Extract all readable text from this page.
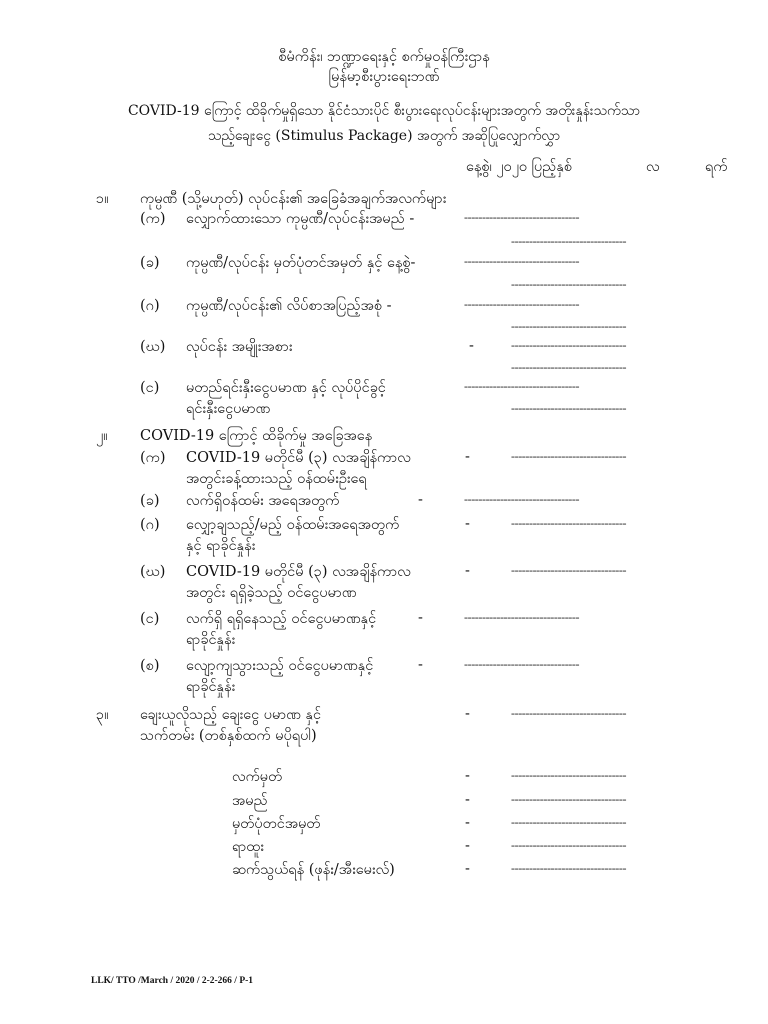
စီမံကိန်း၊ ဘဏ္ဍာရေးနှင့် စက်မှုဝန်ကြီးဌာန
မြန်မာ့စီးပွားရေးဘဏ်
COVID-19 ကြောင့် ထိခိုက်မှုရှိသော နိုင်ငံသားပိုင် စီးပွားရေးလုပ်ငန်းများအတွက် အတိုးနှုန်းသက်သာ
သည့်ချေးငွေ (Stimulus Package) အတွက် အဆိုပြုလျှောက်လွှာ
နေ့စွဲ၊ ၂၀၂၀ ပြည့်နှစ်	လ	ရက်
၁။ ကုမ္ပဏီ (သို့မဟုတ်) လုပ်ငန်း၏ အခြေခံအချက်အလက်များ
(က) လျှောက်ထားသော ကုမ္ပဏီ/လုပ်ငန်းအမည် -	--------------------------------
--------------------------------
(ခ) ကုမ္ပဏီ/လုပ်ငန်း မှတ်ပုံတင်အမှတ် နှင့် နေ့စွဲ-	--------------------------------
--------------------------------
(ဂ) ကုမ္ပဏီ/လုပ်ငန်း၏ လိပ်စာအပြည့်အစုံ -	--------------------------------
--------------------------------
(ဃ) လုပ်ငန်း အမျိုးအစား	-	--------------------------------
--------------------------------
(င) မတည်ရင်းနှီးငွေပမာဏ နှင့် လုပ်ပိုင်ခွင့်
ရင်းနှီးငွေပမာဏ
--------------------------------
--------------------------------
၂။ COVID-19 ကြောင့် ထိခိုက်မှု အခြေအနေ
(က) COVID-19 မတိုင်မီ (၃) လအချိန်ကာလ
အတွင်းခန့်ထားသည့် ဝန်ထမ်းဦးရေ
-	--------------------------------
(ခ) လက်ရှိဝန်ထမ်း အရေအတွက်	-	--------------------------------
(ဂ) လျှော့ချသည့်/မည့် ဝန်ထမ်းအရေအတွက်
နှင့် ရာခိုင်နှုန်း
-	--------------------------------
(ဃ) COVID-19 မတိုင်မီ (၃) လအချိန်ကာလ
အတွင်း ရရှိခဲ့သည့် ဝင်ငွေပမာဏ
-	--------------------------------
(င) လက်ရှိ ရရှိနေသည့် ဝင်ငွေပမာဏနှင့်
ရာခိုင်နှုန်း
-	--------------------------------
(စ) လျော့ကျသွားသည့် ဝင်ငွေပမာဏနှင့်
ရာခိုင်နှုန်း
-	--------------------------------
၃။ ချေးယူလိုသည့် ချေးငွေ ပမာဏ နှင့်
သက်တမ်း (တစ်နှစ်ထက် မပိုရပါ)
-	--------------------------------
လက်မှတ်	-	--------------------------------
အမည်	-	--------------------------------
မှတ်ပုံတင်အမှတ်	-	--------------------------------
ရာထူး	-	--------------------------------
ဆက်သွယ်ရန် (ဖုန်း/အီးမေးလ်)	-	--------------------------------
LLK/ TTO /March / 2020 / 2-2-266 / P-1
